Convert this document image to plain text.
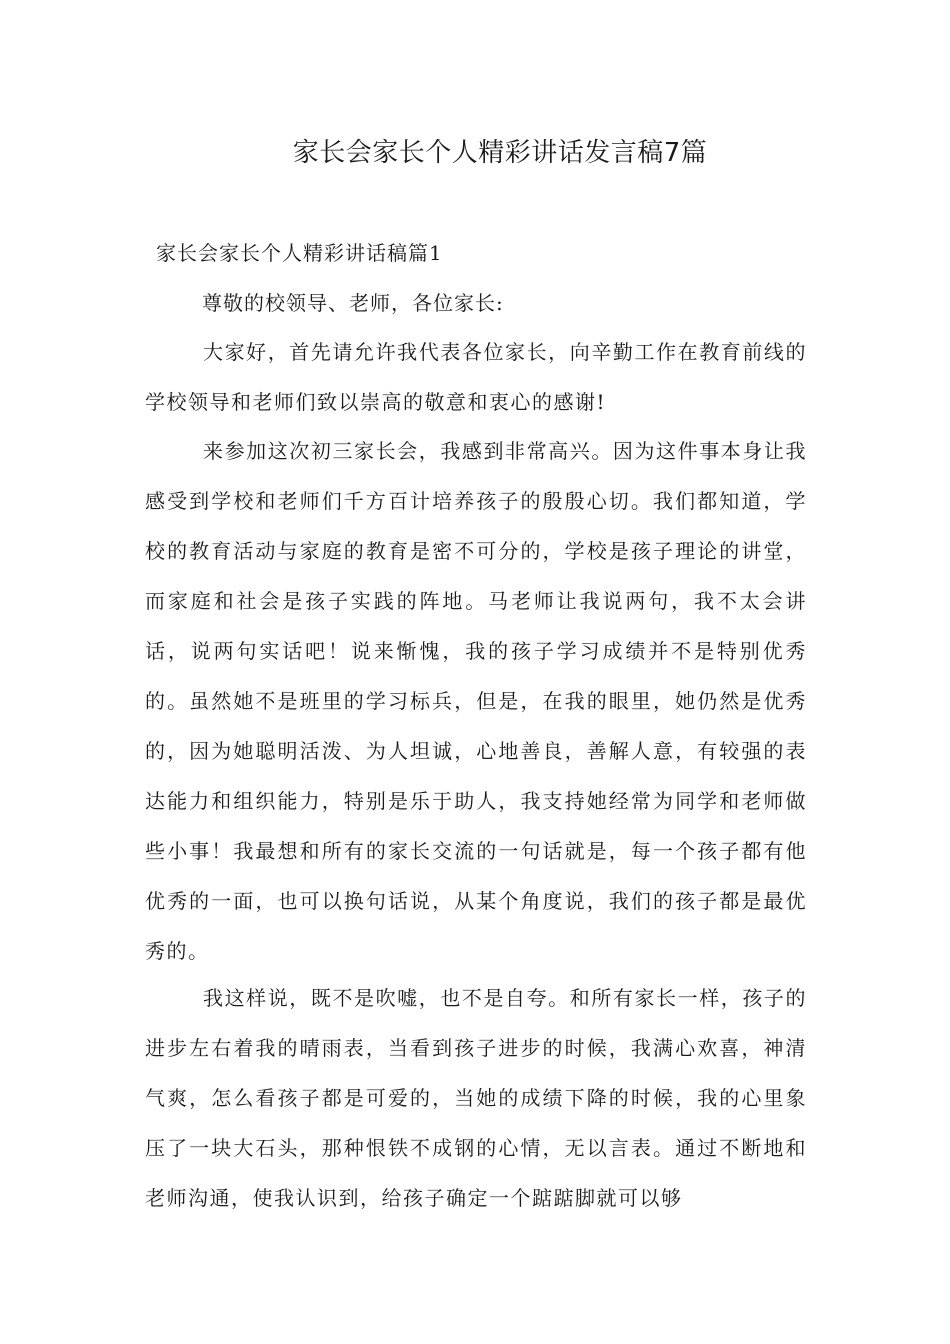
家长会家长个人精彩讲话发言稿7篇
家长会家长个人精彩讲话稿篇1

尊敬的校领导、老师，各位家长:

大家好，首先请允许我代表各位家长，向辛勤工作在教育前线的学校领导和老师们致以崇高的敬意和衷心的感谢!

来参加这次初三家长会，我感到非常高兴。因为这件事本身让我感受到学校和老师们千方百计培养孩子的殷殷心切。我们都知道，学校的教育活动与家庭的教育是密不可分的，学校是孩子理论的讲堂，而家庭和社会是孩子实践的阵地。马老师让我说两句，我不太会讲话，说两句实话吧！说来惭愧，我的孩子学习成绩并不是特别优秀的。虽然她不是班里的学习标兵，但是，在我的眼里，她仍然是优秀的，因为她聪明活泼、为人坦诚，心地善良，善解人意，有较强的表达能力和组织能力，特别是乐于助人，我支持她经常为同学和老师做些小事！我最想和所有的家长交流的一句话就是，每一个孩子都有他优秀的一面，也可以换句话说，从某个角度说，我们的孩子都是最优秀的。

我这样说，既不是吹嘘，也不是自夸。和所有家长一样，孩子的进步左右着我的晴雨表，当看到孩子进步的时候，我满心欢喜，神清气爽，怎么看孩子都是可爱的，当她的成绩下降的时候，我的心里象压了一块大石头，那种恨铁不成钢的心情，无以言表。通过不断地和老师沟通，使我认识到，给孩子确定一个踮踮脚就可以够
